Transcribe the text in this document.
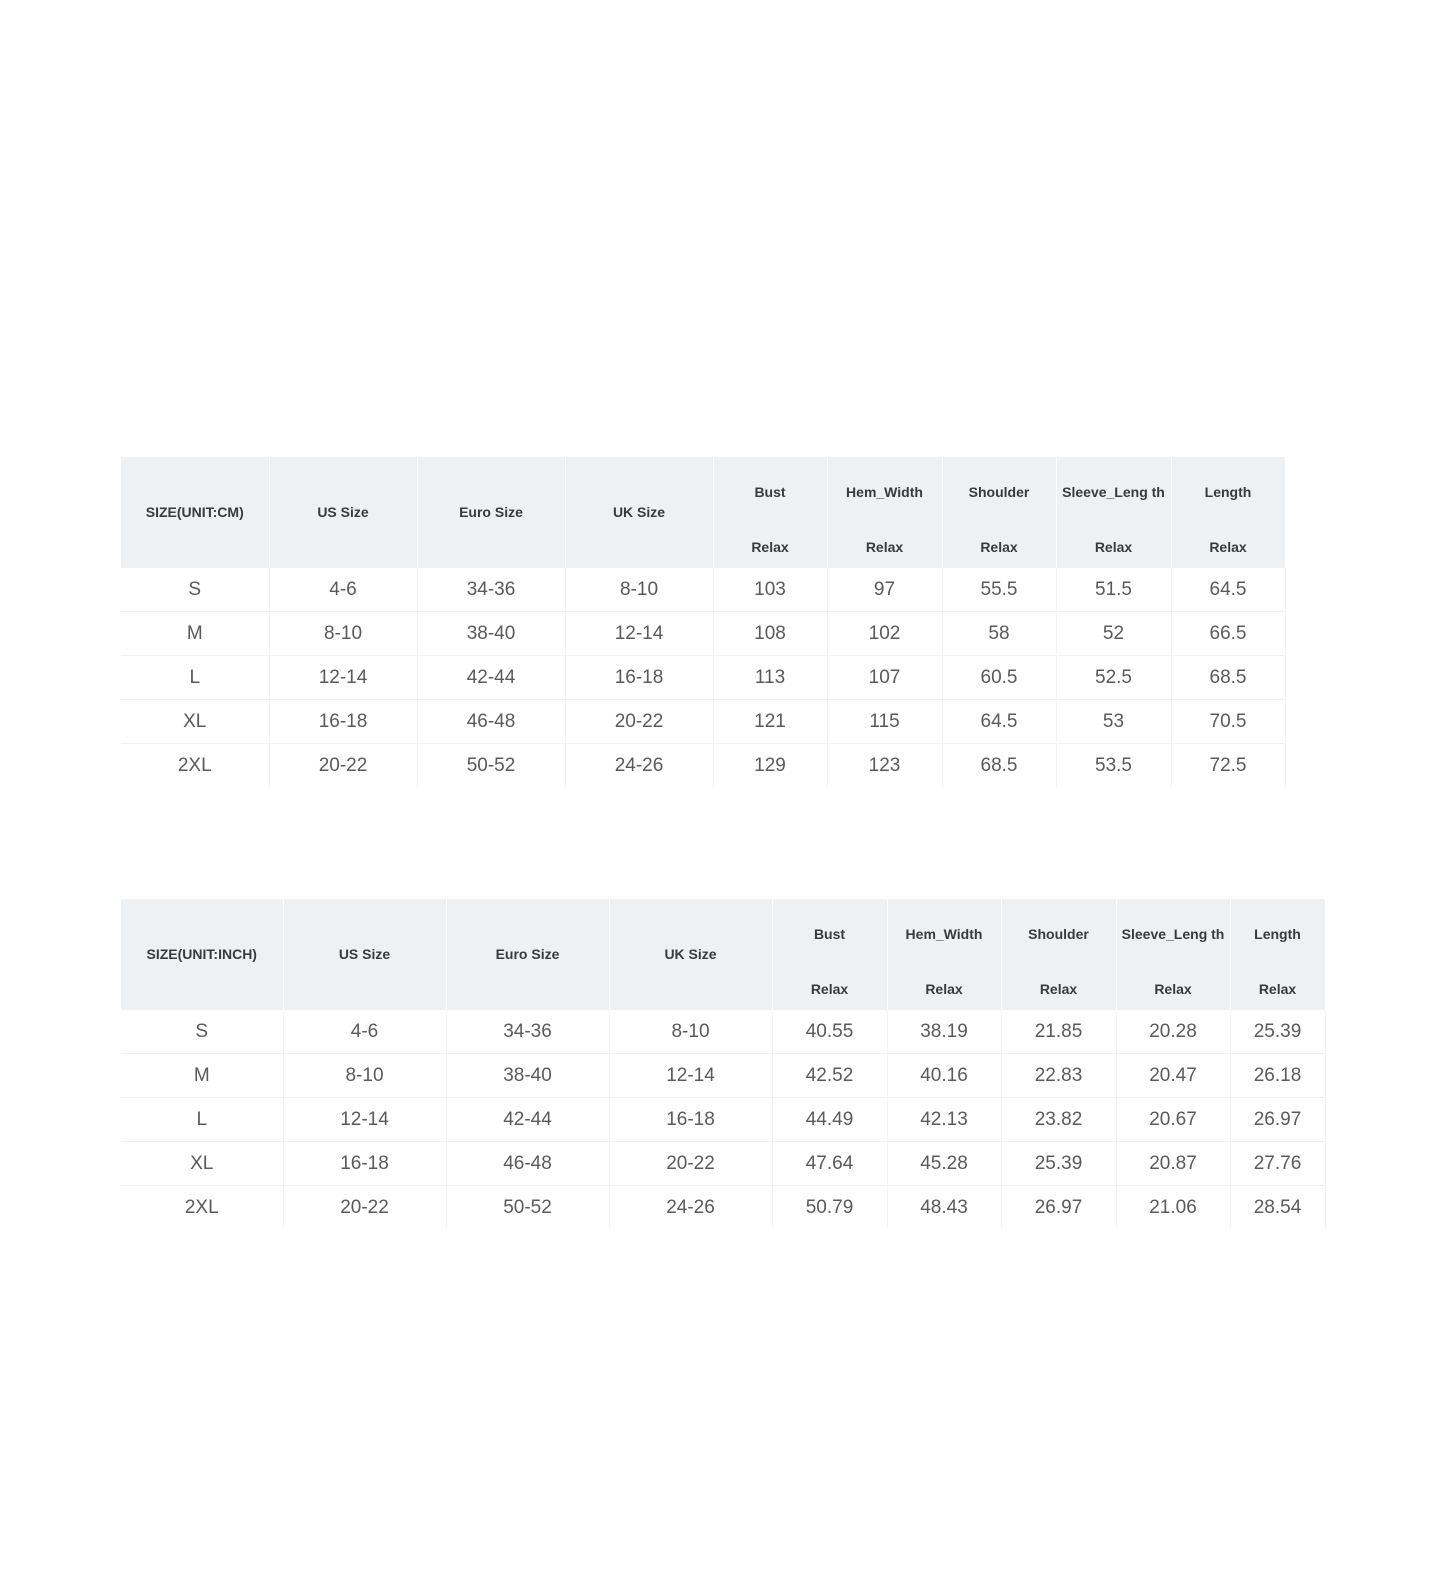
SIZE(UNIT:CM)	US Size	Euro Size	UK Size	Bust	Hem_Width	Shoulder	Sleeve_Leng th	Length
				Relax	Relax	Relax	Relax	Relax
S	4-6	34-36	8-10	103	97	55.5	51.5	64.5
M	8-10	38-40	12-14	108	102	58	52	66.5
L	12-14	42-44	16-18	113	107	60.5	52.5	68.5
XL	16-18	46-48	20-22	121	115	64.5	53	70.5
2XL	20-22	50-52	24-26	129	123	68.5	53.5	72.5
SIZE(UNIT:INCH)	US Size	Euro Size	UK Size	Bust	Hem_Width	Shoulder	Sleeve_Leng th	Length
				Relax	Relax	Relax	Relax	Relax
S	4-6	34-36	8-10	40.55	38.19	21.85	20.28	25.39
M	8-10	38-40	12-14	42.52	40.16	22.83	20.47	26.18
L	12-14	42-44	16-18	44.49	42.13	23.82	20.67	26.97
XL	16-18	46-48	20-22	47.64	45.28	25.39	20.87	27.76
2XL	20-22	50-52	24-26	50.79	48.43	26.97	21.06	28.54
